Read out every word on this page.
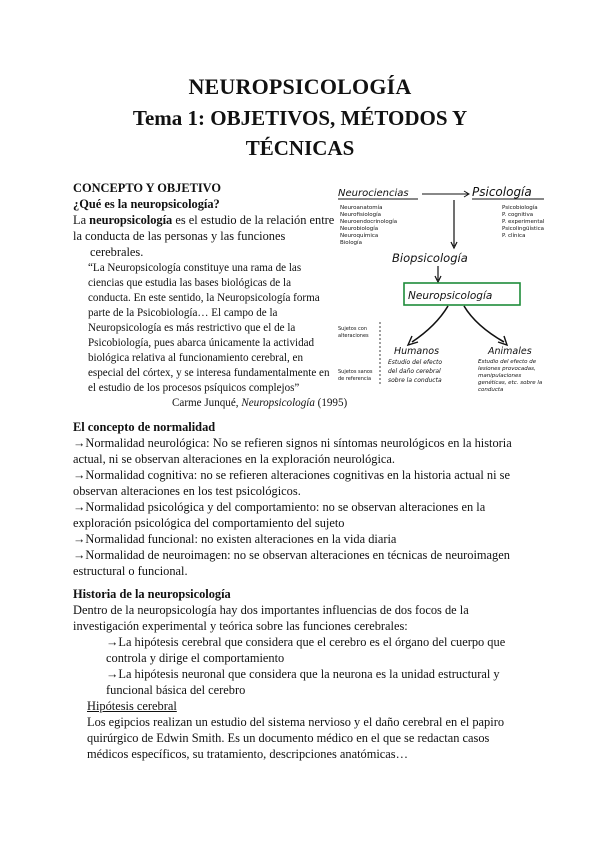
NEUROPSICOLOGÍA
Tema 1: OBJETIVOS, MÉTODOS Y
TÉCNICAS
CONCEPTO Y OBJETIVO
¿Qué es la neuropsicología?
La neuropsicología es el estudio de la relación entre
la conducta de las personas y las funciones
cerebrales.
“La Neuropsicología constituye una rama de las
ciencias que estudia las bases biológicas de la
conducta. En este sentido, la Neuropsicología forma
parte de la Psicobiología… El campo de la
Neuropsicología es más restrictivo que el de la
Psicobiología, pues abarca únicamente la actividad
biológica relativa al funcionamiento cerebral, en
especial del córtex, y se interesa fundamentalmente en
el estudio de los procesos psíquicos complejos”
Carme Junqué, Neuropsicología (1995)
Neurociencias	Psicología
Neuroanatomía
Neurofisiología
Neuroendocrinología
Neurobiología
Neuroquímica
Biología
Psicobiología
P. cognitiva
P. experimental
Psicolingüística
P. clínica
Biopsicología
Neuropsicología
Humanos	Animales
Sujetos con
alteraciones
Sujetos sanos
de referencia
Estudio del efecto
del daño cerebral
sobre la conducta
Estudio del efecto de
lesiones provocadas,
manipulaciones
genéticas, etc. sobre la
conducta
El concepto de normalidad
→Normalidad neurológica: No se refieren signos ni síntomas neurológicos en la historia
actual, ni se observan alteraciones en la exploración neurológica.
→Normalidad cognitiva: no se refieren alteraciones cognitivas en la historia actual ni se
observan alteraciones en los test psicológicos.
→Normalidad psicológica y del comportamiento: no se observan alteraciones en la
exploración psicológica del comportamiento del sujeto
→Normalidad funcional: no existen alteraciones en la vida diaria
→Normalidad de neuroimagen: no se observan alteraciones en técnicas de neuroimagen
estructural o funcional.
Historia de la neuropsicología
Dentro de la neuropsicología hay dos importantes influencias de dos focos de la
investigación experimental y teórica sobre las funciones cerebrales:
→La hipótesis cerebral que considera que el cerebro es el órgano del cuerpo que
controla y dirige el comportamiento
→La hipótesis neuronal que considera que la neurona es la unidad estructural y
funcional básica del cerebro
Hipótesis cerebral
Los egipcios realizan un estudio del sistema nervioso y el daño cerebral en el papiro
quirúrgico de Edwin Smith. Es un documento médico en el que se redactan casos
médicos específicos, su tratamiento, descripciones anatómicas…
